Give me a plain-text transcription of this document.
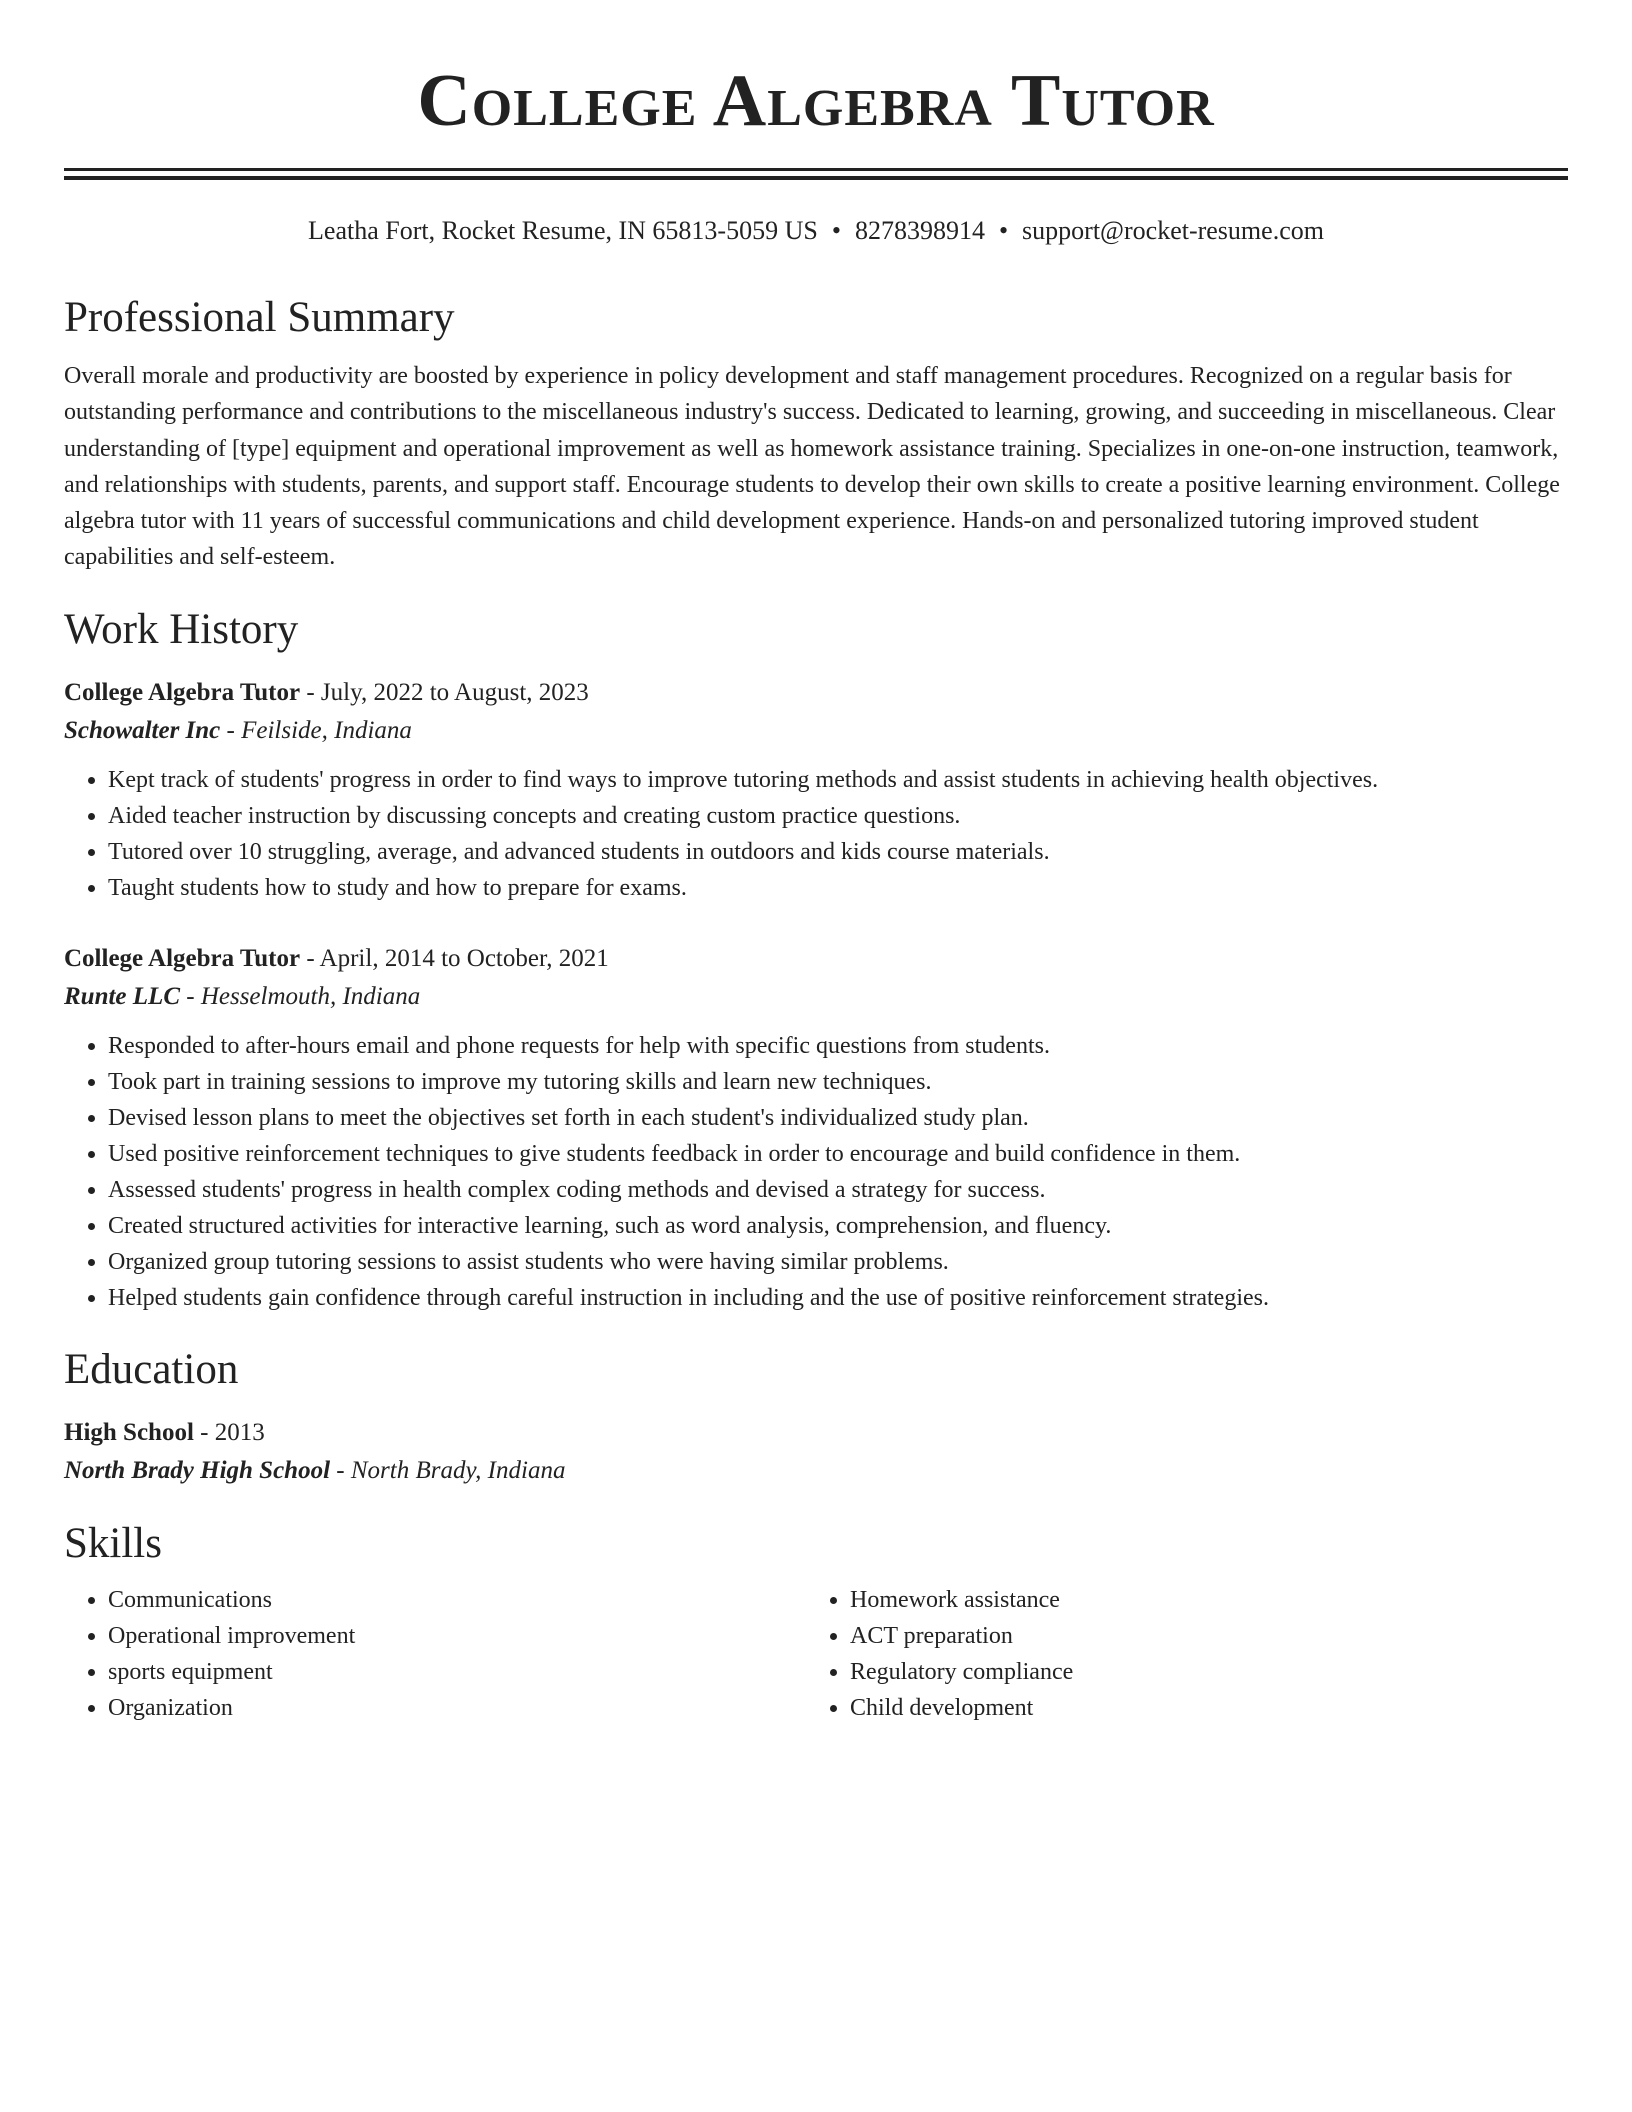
College Algebra Tutor
Leatha Fort, Rocket Resume, IN 65813-5059 US • 8278398914 • support@rocket-resume.com
Professional Summary

Overall morale and productivity are boosted by experience in policy development and staff management procedures. Recognized on a regular basis for outstanding performance and contributions to the miscellaneous industry's success. Dedicated to learning, growing, and succeeding in miscellaneous. Clear understanding of [type] equipment and operational improvement as well as homework assistance training. Specializes in one-on-one instruction, teamwork, and relationships with students, parents, and support staff. Encourage students to develop their own skills to create a positive learning environment. College algebra tutor with 11 years of successful communications and child development experience. Hands-on and personalized tutoring improved student capabilities and self-esteem.

Work History
College Algebra Tutor - July, 2022 to August, 2023
Schowalter Inc - Feilside, Indiana
• Kept track of students' progress in order to find ways to improve tutoring methods and assist students in achieving health objectives.
• Aided teacher instruction by discussing concepts and creating custom practice questions.
• Tutored over 10 struggling, average, and advanced students in outdoors and kids course materials.
• Taught students how to study and how to prepare for exams.
College Algebra Tutor - April, 2014 to October, 2021
Runte LLC - Hesselmouth, Indiana
• Responded to after-hours email and phone requests for help with specific questions from students.
• Took part in training sessions to improve my tutoring skills and learn new techniques.
• Devised lesson plans to meet the objectives set forth in each student's individualized study plan.
• Used positive reinforcement techniques to give students feedback in order to encourage and build confidence in them.
• Assessed students' progress in health complex coding methods and devised a strategy for success.
• Created structured activities for interactive learning, such as word analysis, comprehension, and fluency.
• Organized group tutoring sessions to assist students who were having similar problems.
• Helped students gain confidence through careful instruction in including and the use of positive reinforcement strategies.
Education
High School - 2013
North Brady High School - North Brady, Indiana
Skills
• Communications
• Operational improvement
• sports equipment
• Organization
• Homework assistance
• ACT preparation
• Regulatory compliance
• Child development
